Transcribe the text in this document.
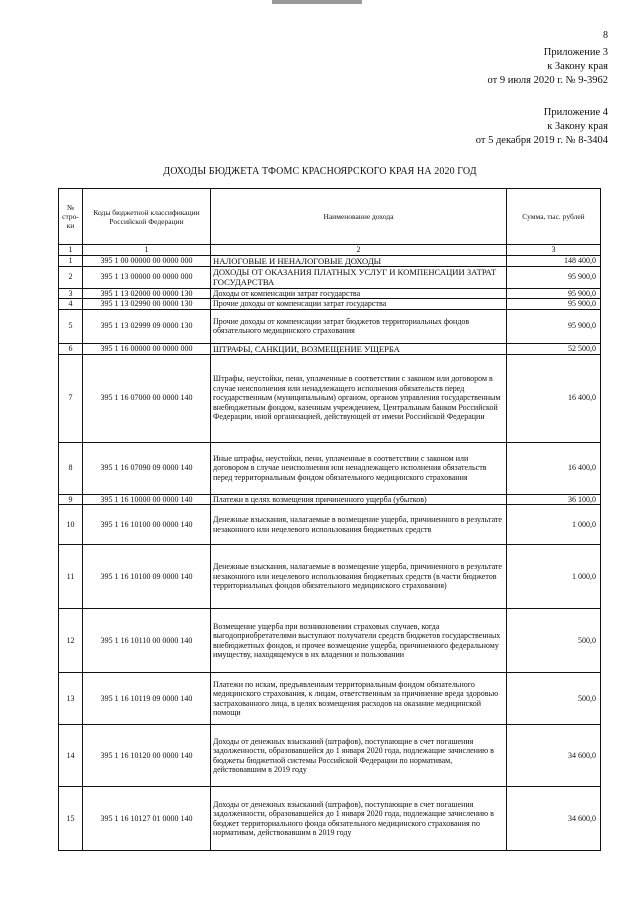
8
Приложение 3
к Закону края
от 9 июля 2020 г. № 9-3962
Приложение 4
к Закону края
от 5 декабря 2019 г. № 8-3404
ДОХОДЫ БЮДЖЕТА ТФОМС КРАСНОЯРСКОГО КРАЯ НА 2020 ГОД
№ стро-ки	Коды бюджетной классификации Российской Федерации	Наименование дохода	Сумма, тыс. рублей
1	1	2	3
1	395 1 00 00000 00 0000 000	НАЛОГОВЫЕ И НЕНАЛОГОВЫЕ ДОХОДЫ	148 400,0
2	395 1 13 00000 00 0000 000	ДОХОДЫ ОТ ОКАЗАНИЯ ПЛАТНЫХ УСЛУГ И КОМПЕНСАЦИИ ЗАТРАТ ГОСУДАРСТВА	95 900,0
3	395 1 13 02000 00 0000 130	Доходы от компенсации затрат государства	95 900,0
4	395 1 13 02990 00 0000 130	Прочие доходы от компенсации затрат государства	95 900,0
5	395 1 13 02999 09 0000 130	Прочие доходы от компенсации затрат бюджетов территориальных фондов обязательного медицинского страхования	95 900,0
6	395 1 16 00000 00 0000 000	ШТРАФЫ, САНКЦИИ, ВОЗМЕЩЕНИЕ УЩЕРБА	52 500,0
7	395 1 16 07000 00 0000 140	Штрафы, неустойки, пени, уплаченные в соответствии с законом или договором в случае неисполнения или ненадлежащего исполнения обязательств перед государственным (муниципальным) органом, органом управления государственным внебюджетным фондом, казенным учреждением, Центральным банком Российской Федерации, иной организацией, действующей от имени Российской Федерации	16 400,0
8	395 1 16 07090 09 0000 140	Иные штрафы, неустойки, пени, уплаченные в соответствии с законом или договором в случае неисполнения или ненадлежащего исполнения обязательств перед территориальным фондом обязательного медицинского страхования	16 400,0
9	395 1 16 10000 00 0000 140	Платежи в целях возмещения причиненного ущерба (убытков)	36 100,0
10	395 1 16 10100 00 0000 140	Денежные взыскания, налагаемые в возмещение ущерба, причиненного в результате незаконного или нецелевого использования бюджетных средств	1 000,0
11	395 1 16 10100 09 0000 140	Денежные взыскания, налагаемые в возмещение ущерба, причиненного в результате незаконного или нецелевого использования бюджетных средств (в части бюджетов территориальных фондов обязательного медицинского страхования)	1 000,0
12	395 1 16 10110 00 0000 140	Возмещение ущерба при возникновении страховых случаев, когда выгодоприобретателями выступают получатели средств бюджетов государственных внебюджетных фондов, и прочее возмещение ущерба, причиненного федеральному имуществу, находящемуся в их владении и пользовании	500,0
13	395 1 16 10119 09 0000 140	Платежи по искам, предъявленным территориальным фондом обязательного медицинского страхования, к лицам, ответственным за причинение вреда здоровью застрахованного лица, в целях возмещения расходов на оказание медицинской помощи	500,0
14	395 1 16 10120 00 0000 140	Доходы от денежных взысканий (штрафов), поступающие в счет погашения задолженности, образовавшейся до 1 января 2020 года, подлежащие зачислению в бюджеты бюджетной системы Российской Федерации по нормативам, действовавшим в 2019 году	34 600,0
15	395 1 16 10127 01 0000 140	Доходы от денежных взысканий (штрафов), поступающие в счет погашения задолженности, образовавшейся до 1 января 2020 года, подлежащие зачислению в бюджет территориального фонда обязательного медицинского страхования по нормативам, действовавшим в 2019 году	34 600,0
